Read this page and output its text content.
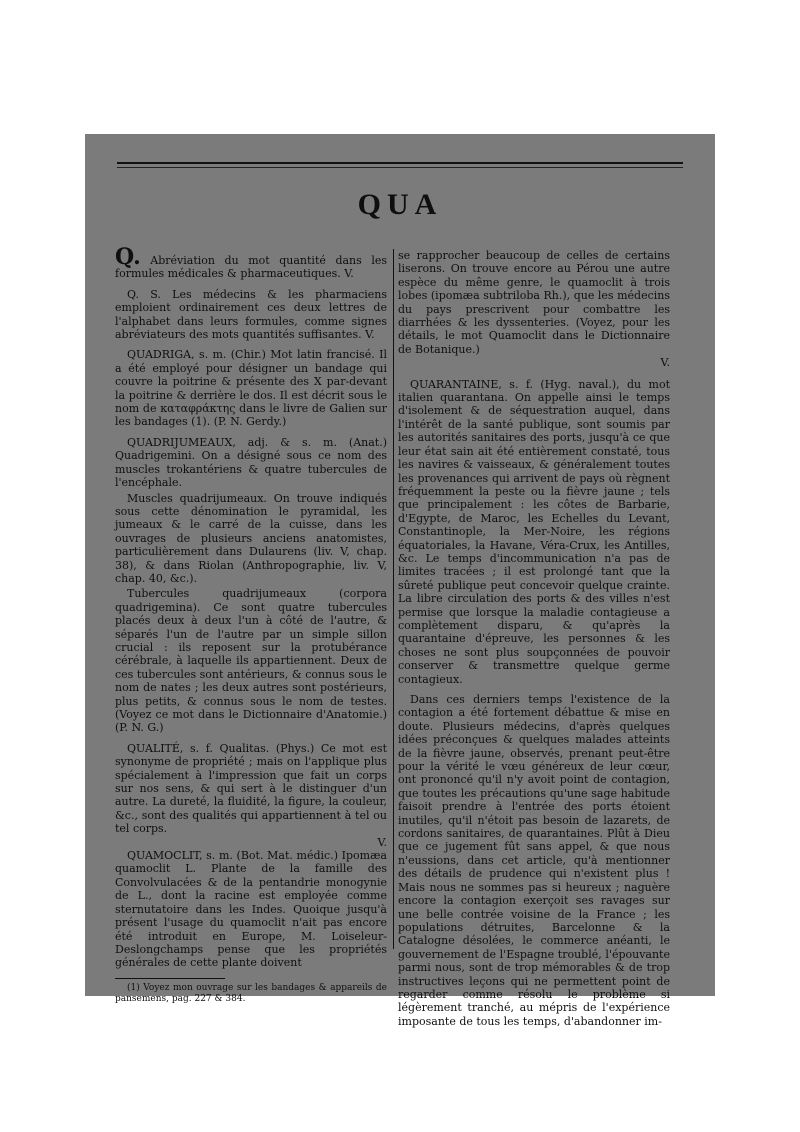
QUA

Q. Abréviation du mot quantité dans les formules médicales & pharmaceutiques. V.

Q. S. Les médecins & les pharmaciens emploient ordinairement ces deux lettres de l'alphabet dans leurs formules, comme signes abréviateurs des mots quantités suffisantes. V.

QUADRIGA, s. m. (Chir.) Mot latin francisé. Il a été employé pour désigner un bandage qui couvre la poitrine & présente des X par-devant la poitrine & derrière le dos. Il est décrit sous le nom de καταφράκτης dans le livre de Galien sur les bandages (1). (P. N. Gerdy.)

QUADRIJUMEAUX, adj. & s. m. (Anat.) Quadrigemini. On a désigné sous ce nom des muscles trokantériens & quatre tubercules de l'encéphale.

Muscles quadrijumeaux. On trouve indiqués sous cette dénomination le pyramidal, les jumeaux & le carré de la cuisse, dans les ouvrages de plusieurs anciens anatomistes, particulièrement dans Dulaurens (liv. V, chap. 38), & dans Riolan (Anthropographie, liv. V, chap. 40, &c.).

Tubercules quadrijumeaux (corpora quadrigemina). Ce sont quatre tubercules placés deux à deux l'un à côté de l'autre, & séparés l'un de l'autre par un simple sillon crucial : ils reposent sur la protubérance cérébrale, à laquelle ils appartiennent. Deux de ces tubercules sont antérieurs, & connus sous le nom de nates ; les deux autres sont postérieurs, plus petits, & connus sous le nom de testes. (Voyez ce mot dans le Dictionnaire d'Anatomie.) (P. N. G.)

QUALITÉ, s. f. Qualitas. (Phys.) Ce mot est synonyme de propriété ; mais on l'applique plus spécialement à l'impression que fait un corps sur nos sens, & qui sert à le distinguer d'un autre. La dureté, la fluidité, la figure, la couleur, &c., sont des qualités qui appartiennent à tel ou tel corps.

V.

QUAMOCLIT, s. m. (Bot. Mat. médic.) Ipomæa quamoclit L. Plante de la famille des Convolvulacées & de la pentandrie monogynie de L., dont la racine est employée comme sternutatoire dans les Indes. Quoique jusqu'à présent l'usage du quamoclit n'ait pas encore été introduit en Europe, M. Loiseleur-Deslongchamps pense que les propriétés générales de cette plante doivent

(1) Voyez mon ouvrage sur les bandages & appareils de pansemens, pag. 227 & 384.

se rapprocher beaucoup de celles de certains liserons. On trouve encore au Pérou une autre espèce du même genre, le quamoclit à trois lobes (ipomæa subtriloba Rh.), que les médecins du pays prescrivent pour combattre les diarrhées & les dyssenteries. (Voyez, pour les détails, le mot Quamoclit dans le Dictionnaire de Botanique.)

V.

QUARANTAINE, s. f. (Hyg. naval.), du mot italien quarantana. On appelle ainsi le temps d'isolement & de séquestration auquel, dans l'intérêt de la santé publique, sont soumis par les autorités sanitaires des ports, jusqu'à ce que leur état sain ait été entièrement constaté, tous les navires & vaisseaux, & généralement toutes les provenances qui arrivent de pays où règnent fréquemment la peste ou la fièvre jaune ; tels que principalement : les côtes de Barbarie, d'Egypte, de Maroc, les Echelles du Levant, Constantinople, la Mer-Noire, les régions équatoriales, la Havane, Véra-Crux, les Antilles, &c. Le temps d'incommunication n'a pas de limites tracées ; il est prolongé tant que la sûreté publique peut concevoir quelque crainte. La libre circulation des ports & des villes n'est permise que lorsque la maladie contagieuse a complètement disparu, & qu'après la quarantaine d'épreuve, les personnes & les choses ne sont plus soupçonnées de pouvoir conserver & transmettre quelque germe contagieux.

Dans ces derniers temps l'existence de la contagion a été fortement débattue & mise en doute. Plusieurs médecins, d'après quelques idées préconçues & quelques malades atteints de la fièvre jaune, observés, prenant peut-être pour la vérité le vœu généreux de leur cœur, ont prononcé qu'il n'y avoit point de contagion, que toutes les précautions qu'une sage habitude faisoit prendre à l'entrée des ports étoient inutiles, qu'il n'étoit pas besoin de lazarets, de cordons sanitaires, de quarantaines. Plût à Dieu que ce jugement fût sans appel, & que nous n'eussions, dans cet article, qu'à mentionner des détails de prudence qui n'existent plus ! Mais nous ne sommes pas si heureux ; naguère encore la contagion exerçoit ses ravages sur une belle contrée voisine de la France ; les populations détruites, Barcelonne & la Catalogne désolées, le commerce anéanti, le gouvernement de l'Espagne troublé, l'épouvante parmi nous, sont de trop mémorables & de trop instructives leçons qui ne permettent point de regarder comme résolu le problème si légèrement tranché, au mépris de l'expérience imposante de tous les temps, d'abandonner im-
